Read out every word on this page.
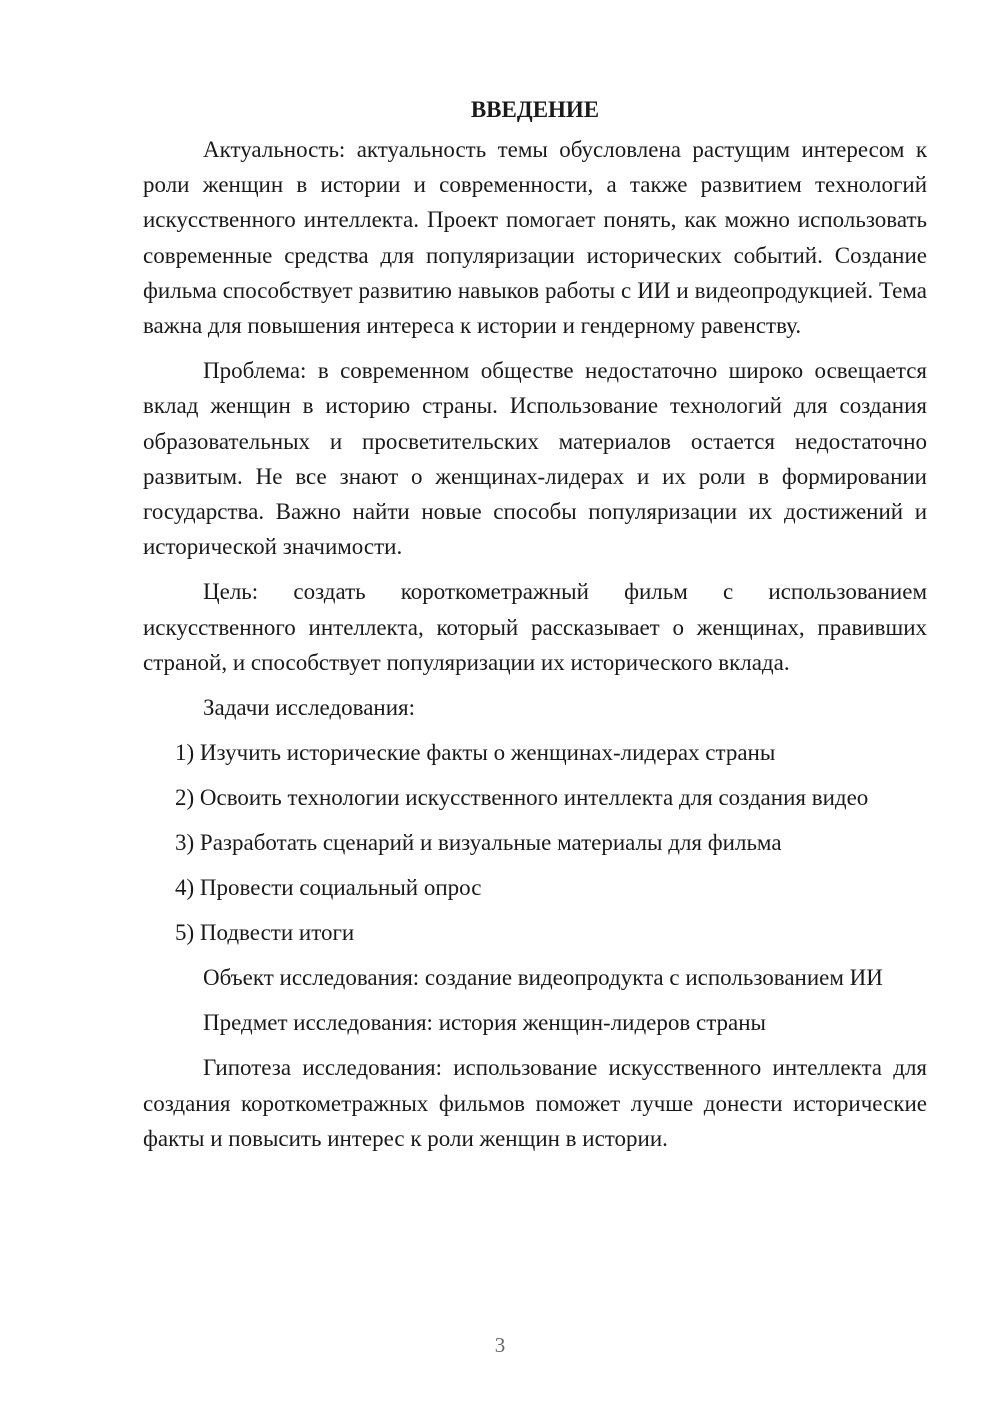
ВВЕДЕНИЕ

Актуальность: актуальность темы обусловлена растущим интересом к роли женщин в истории и современности, а также развитием технологий искусственного интеллекта. Проект помогает понять, как можно использовать современные средства для популяризации исторических событий. Создание фильма способствует развитию навыков работы с ИИ и видеопродукцией. Тема важна для повышения интереса к истории и гендерному равенству.

Проблема: в современном обществе недостаточно широко освещается вклад женщин в историю страны. Использование технологий для создания образовательных и просветительских материалов остается недостаточно развитым. Не все знают о женщинах-лидерах и их роли в формировании государства. Важно найти новые способы популяризации их достижений и исторической значимости.

Цель: создать короткометражный фильм с использованием искусственного интеллекта, который рассказывает о женщинах, правивших страной, и способствует популяризации их исторического вклада.

Задачи исследования:

1) Изучить исторические факты о женщинах-лидерах страны
2) Освоить технологии искусственного интеллекта для создания видео
3) Разработать сценарий и визуальные материалы для фильма
4) Провести социальный опрос
5) Подвести итоги

Объект исследования: создание видеопродукта с использованием ИИ

Предмет исследования: история женщин-лидеров страны

Гипотеза исследования: использование искусственного интеллекта для создания короткометражных фильмов поможет лучше донести исторические факты и повысить интерес к роли женщин в истории.

3
